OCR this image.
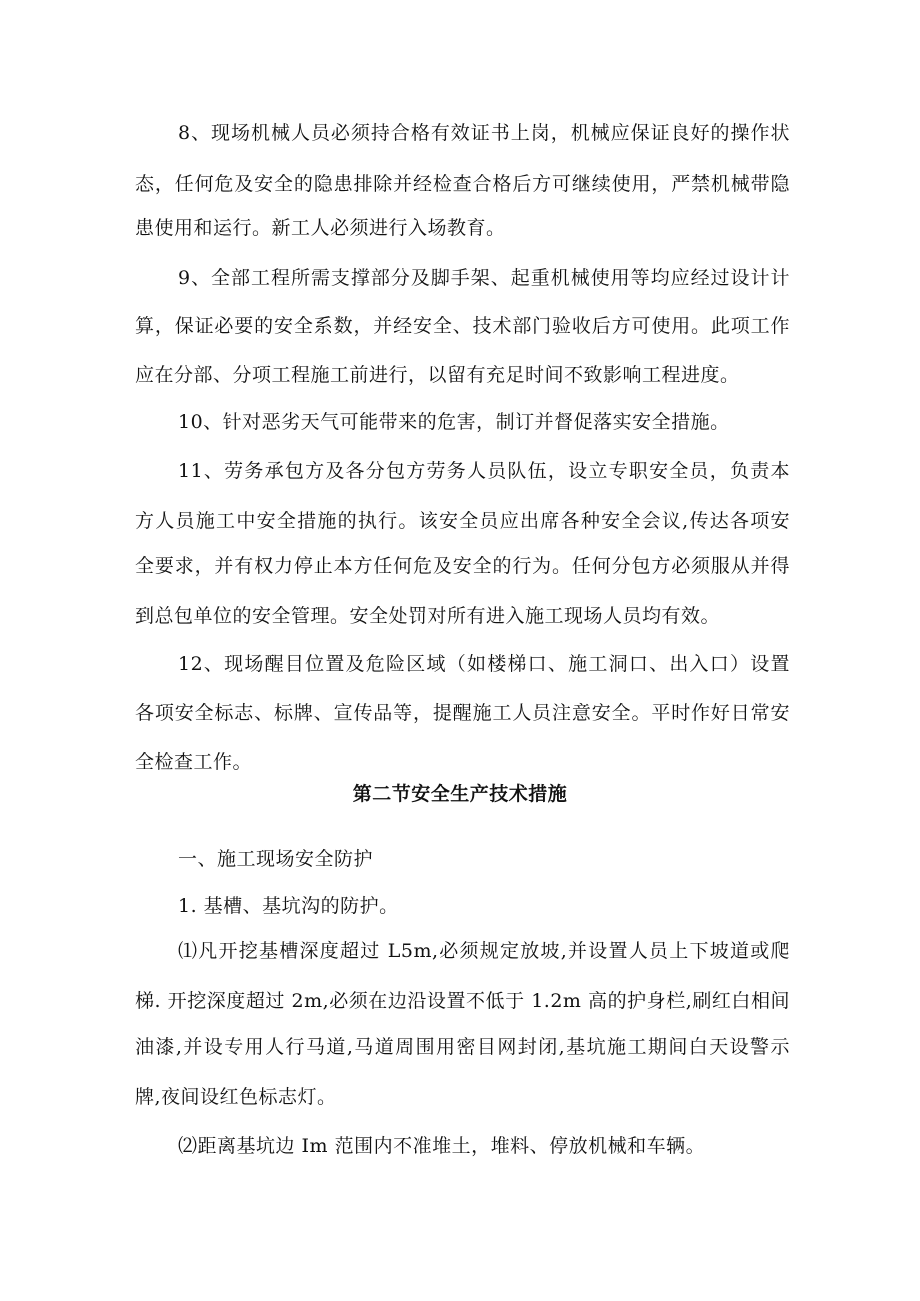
8、现场机械人员必须持合格有效证书上岗，机械应保证良好的操作状
态，任何危及安全的隐患排除并经检查合格后方可继续使用，严禁机械带隐
患使用和运行。新工人必须进行入场教育。
9、全部工程所需支撑部分及脚手架、起重机械使用等均应经过设计计
算，保证必要的安全系数，并经安全、技术部门验收后方可使用。此项工作
应在分部、分项工程施工前进行，以留有充足时间不致影响工程进度。
10、针对恶劣天气可能带来的危害，制订并督促落实安全措施。
11、劳务承包方及各分包方劳务人员队伍，设立专职安全员，负责本
方人员施工中安全措施的执行。该安全员应出席各种安全会议,传达各项安
全要求，并有权力停止本方任何危及安全的行为。任何分包方必须服从并得
到总包单位的安全管理。安全处罚对所有进入施工现场人员均有效。
12、现场醒目位置及危险区域（如楼梯口、施工洞口、出入口）设置
各项安全标志、标牌、宣传品等，提醒施工人员注意安全。平时作好日常安
全检查工作。
第二节安全生产技术措施
一、施工现场安全防护
1. 基槽、基坑沟的防护。
⑴凡开挖基槽深度超过 L5m,必须规定放坡,并设置人员上下坡道或爬
梯. 开挖深度超过 2m,必须在边沿设置不低于 1.2m 高的护身栏,刷红白相间
油漆,并设专用人行马道,马道周围用密目网封闭,基坑施工期间白天设警示
牌,夜间设红色标志灯。
⑵距离基坑边 Im 范围内不准堆土，堆料、停放机械和车辆。
